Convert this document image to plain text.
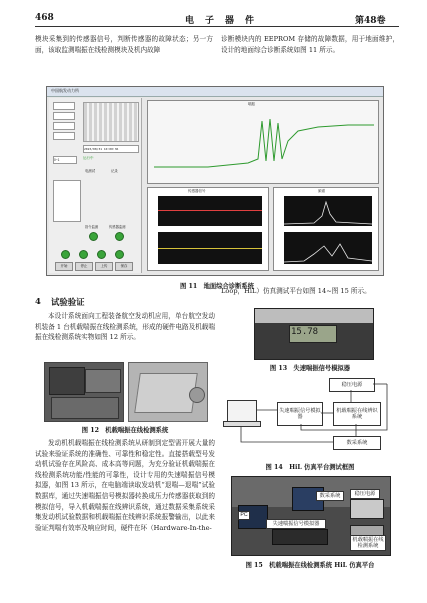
468	电　子　器　件	第48卷

模块采集到的传感器信号，判断传感器的故障状态；另一方面，该取监测喘振在线检测模块及机内故障

诊断模块内的 EEPROM 存储的故障数据，用于地面维护，设计的地面综合诊断系统如图 11 所示。

中国航发动力所
2023/08/31 10:00:36
0~1	运行中
电测试	记录
指令监测	传感器监测
开始	停止	上传	保存
喘振
传感器信号	频谱
图 11　地面综合诊断系统
4 试验验证

本设计系统面向工程装备航空发动机应用，单台航空发动机装备 1 台机载喘振在线检测系统，形成的硬件电路及机载喘振在线检测系统实物如图 12 所示。

图 12　机载喘振在线检测系统

发动机机载喘振在线检测系统从研制到定型需开展大量的试验来验证系统的准确性、可靠性和稳定性。直接搭载型号发动机试验存在风险高、成本高等问题，为充分验证机载喘振在线检测系统功能/性能的可靠性，设计专用的失速喘振信号模拟器，如图 13 所示，在电脑端读取发动机“退喘—退喘”试验数据库，通过失速喘振信号模拟器转换成压力传感器获取到的模拟信号，导入机载喘振在线辨识系统，通过数据采集系统采集发动机试验数据和机载喘振在线辨识系统报警输出，以此来验证判喘有效率及响应时间，硬件在环（Hardware-In-the-

Loop，HiL）仿真测试平台如图 14~图 15 所示。

15.78
图 13　失速喘振信号模拟器
稳压电源
失速喘振信号模拟器
机载喘振在线辨识系统
数采系统
图 14　HiL 仿真平台测试框图
数采系统	稳压电源
PC
失速喘振信号模拟器
机载喘振在线检测系统
图 15　机载喘振在线检测系统 HiL 仿真平台
